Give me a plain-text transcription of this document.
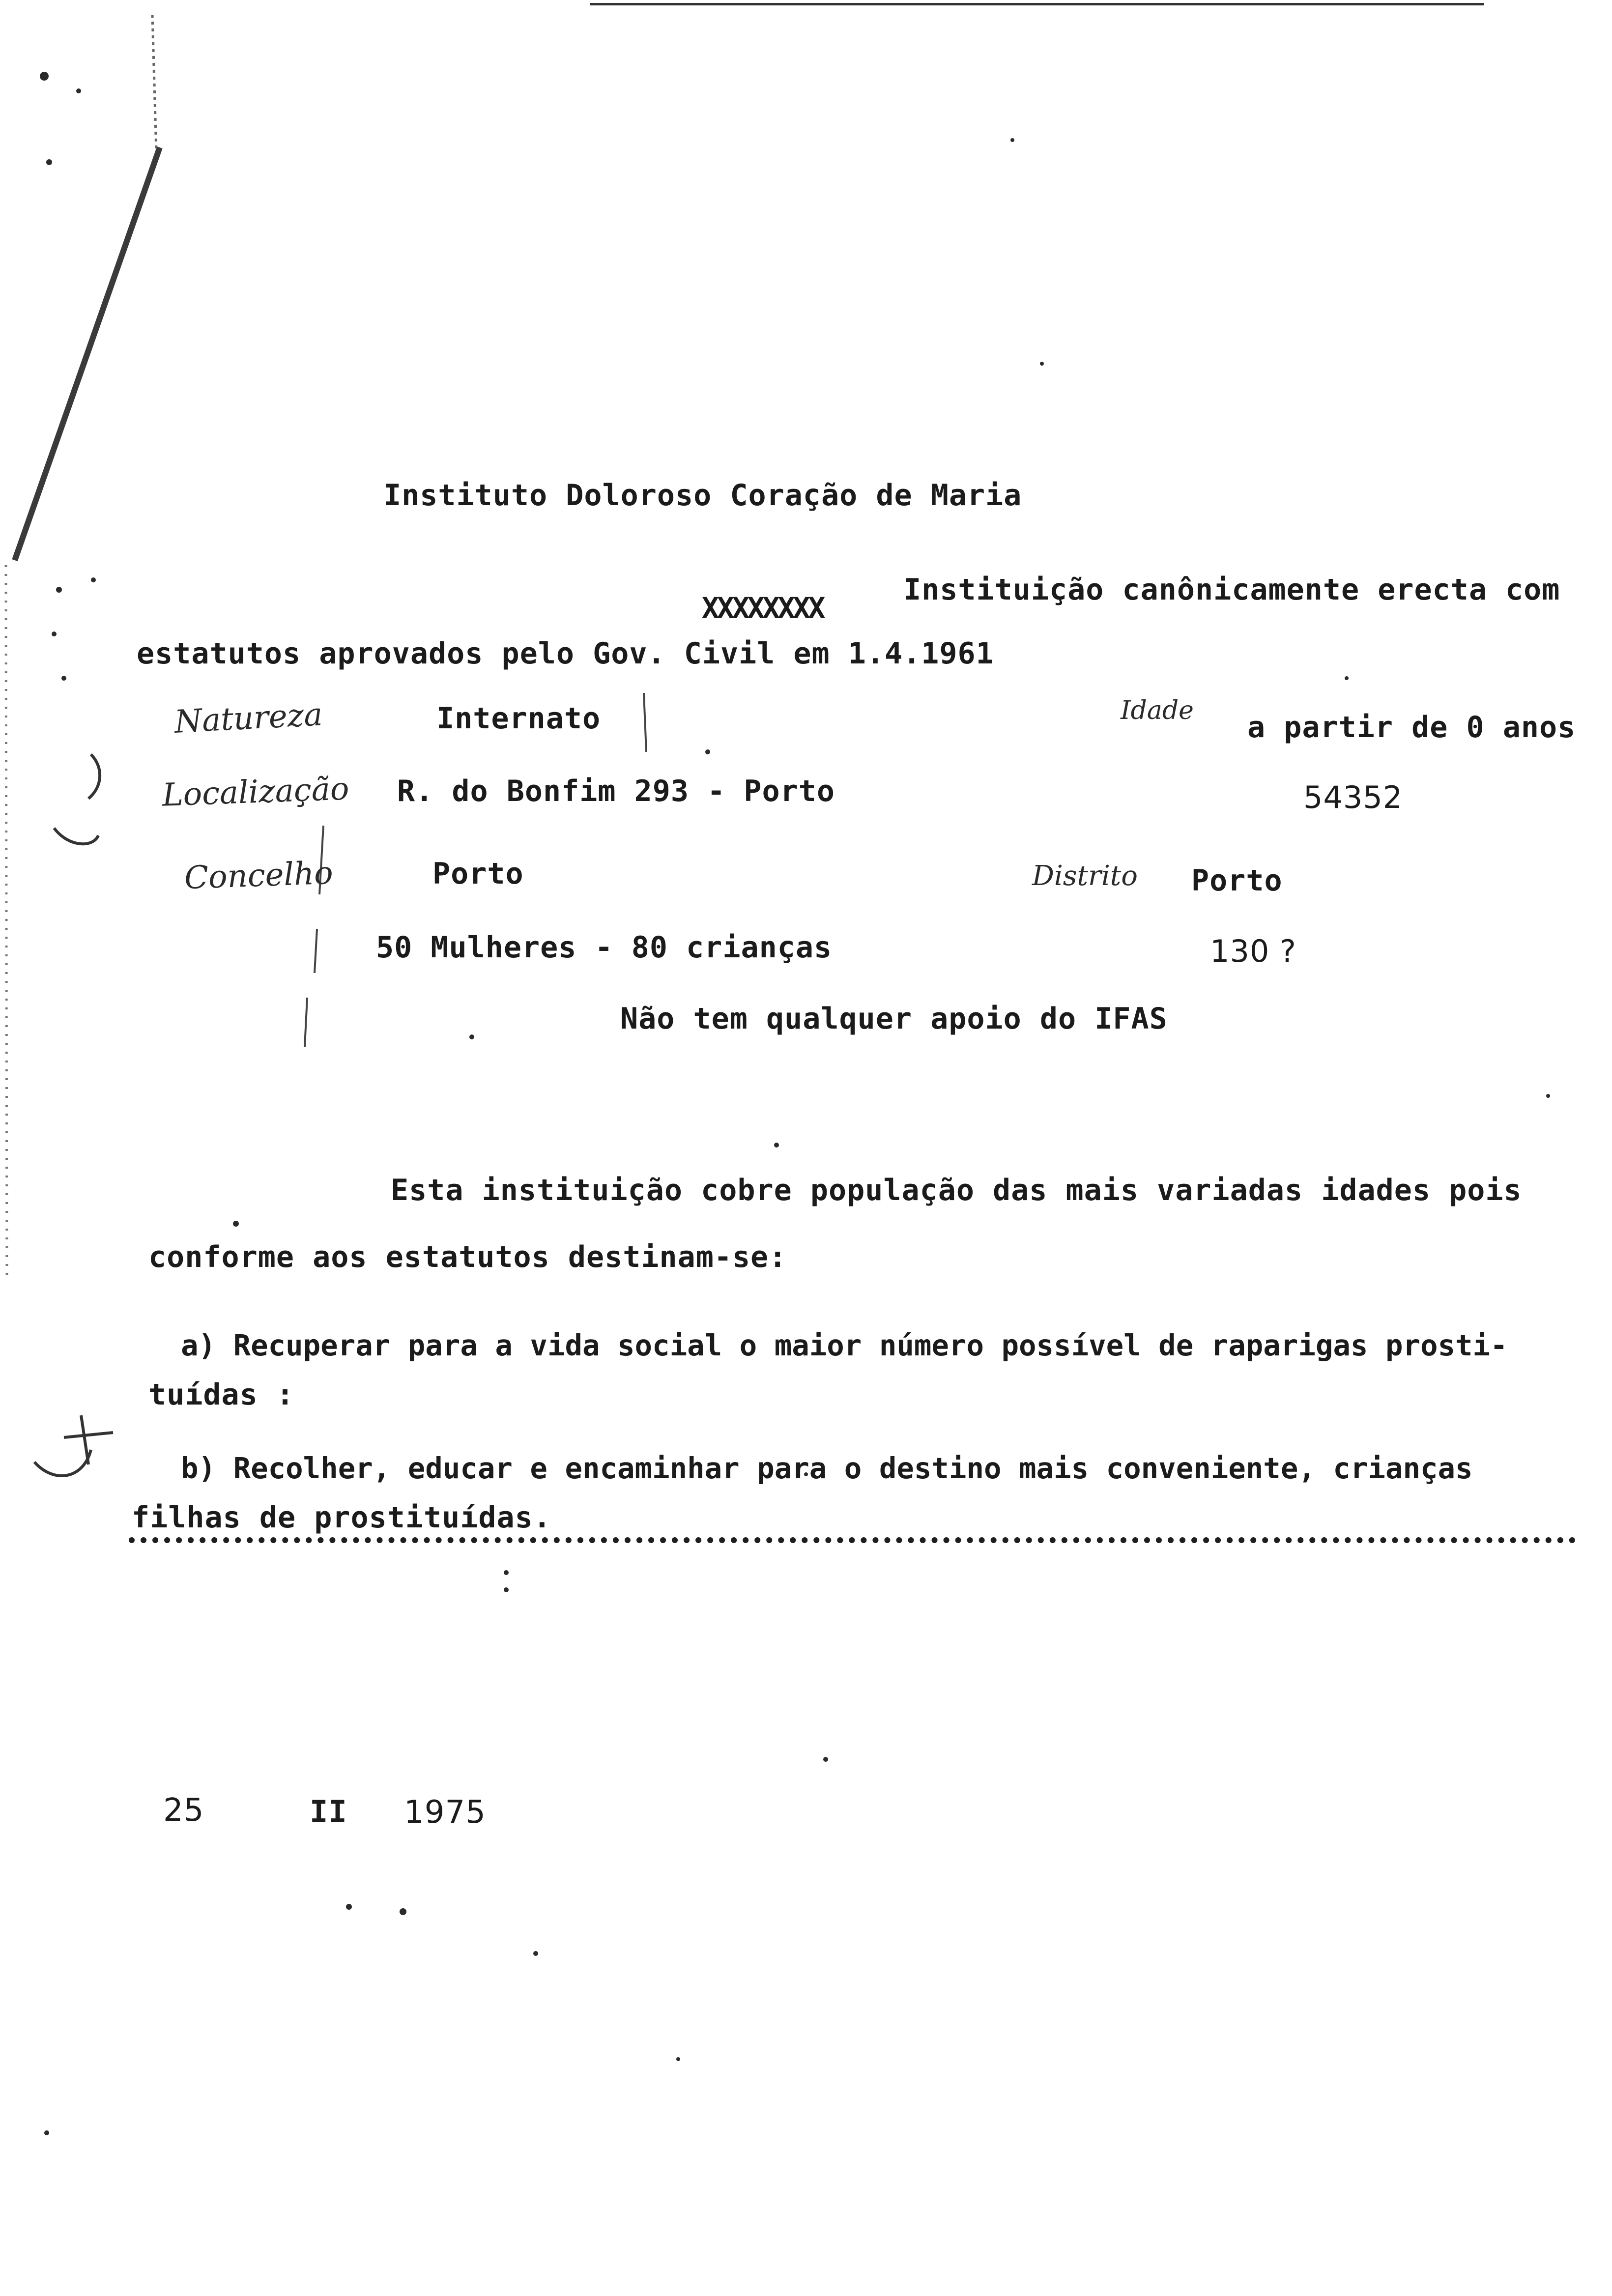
Instituto Doloroso Coração de Maria
XXXXXXXX
Instituição canônicamente erecta com
estatutos aprovados pelo Gov. Civil em 1.4.1961
Natureza	Internato	Idade a partir de 0 anos
Localização R. do Bonfim 293 - Porto	54352
Concelho	Porto	Distrito Porto
50 Mulheres - 80 crianças	130 ?
Não tem qualquer apoio do IFAS
Esta instituição cobre população das mais variadas idades pois
conforme aos estatutos destinam-se:
a) Recuperar para a vida social o maior número possível de raparigas prosti-
tuídas :
b) Recolher, educar e encaminhar para o destino mais conveniente, crianças
filhas de prostituídas.
25	II 1975
